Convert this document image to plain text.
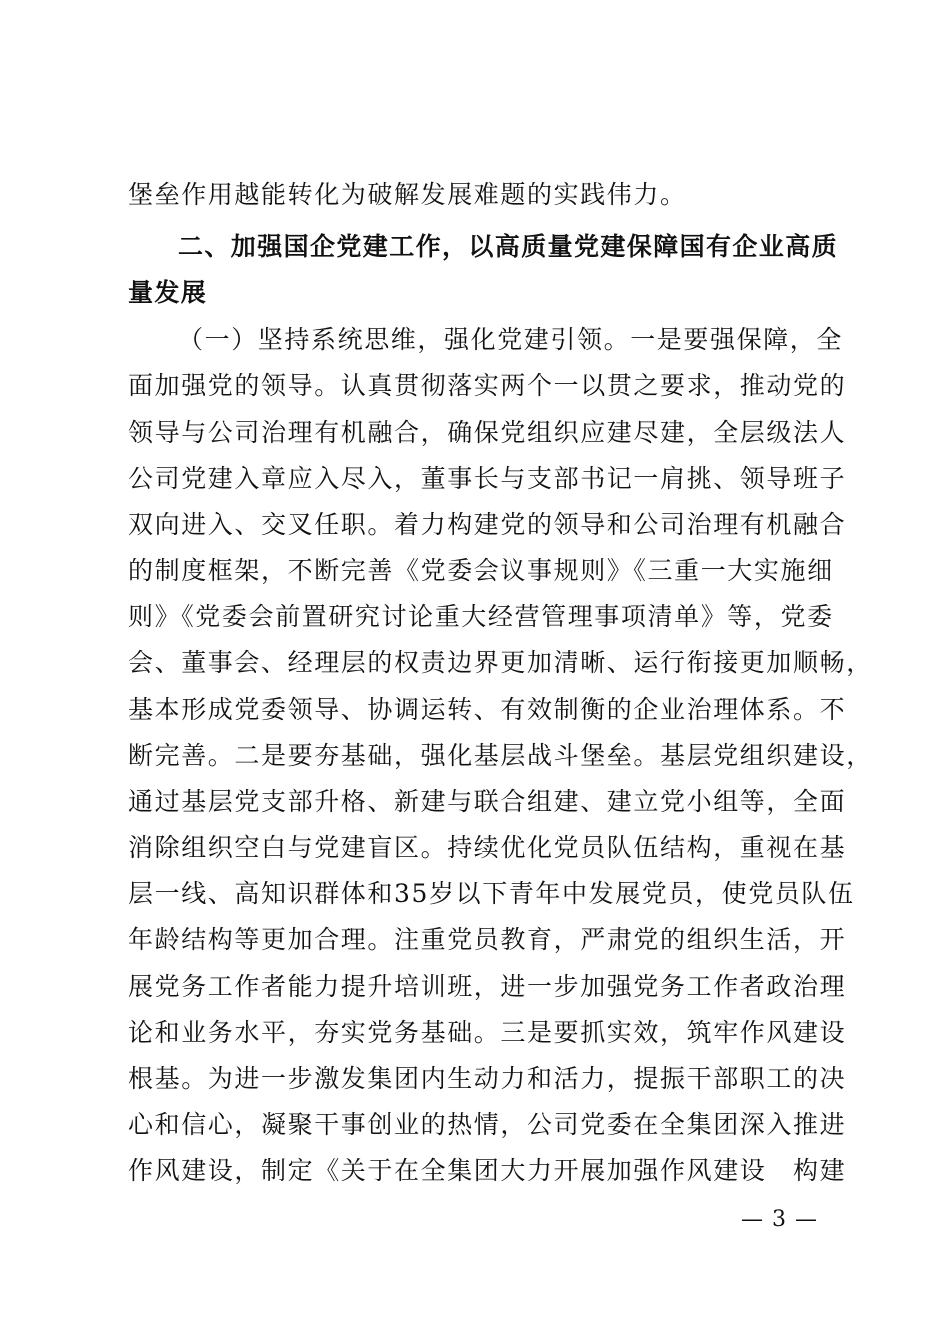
堡垒作用越能转化为破解发展难题的实践伟力。
二、加强国企党建工作，以高质量党建保障国有企业高质
量发展
（一）坚持系统思维，强化党建引领。一是要强保障，全
面加强党的领导。认真贯彻落实两个一以贯之要求，推动党的
领导与公司治理有机融合，确保党组织应建尽建，全层级法人
公司党建入章应入尽入，董事长与支部书记一肩挑、领导班子
双向进入、交叉任职。着力构建党的领导和公司治理有机融合
的制度框架，不断完善《党委会议事规则》《三重一大实施细
则》《党委会前置研究讨论重大经营管理事项清单》等，党委
会、董事会、经理层的权责边界更加清晰、运行衔接更加顺畅，
基本形成党委领导、协调运转、有效制衡的企业治理体系。不
断完善。二是要夯基础，强化基层战斗堡垒。基层党组织建设，
通过基层党支部升格、新建与联合组建、建立党小组等，全面
消除组织空白与党建盲区。持续优化党员队伍结构，重视在基
层一线、高知识群体和35岁以下青年中发展党员，使党员队伍
年龄结构等更加合理。注重党员教育，严肃党的组织生活，开
展党务工作者能力提升培训班，进一步加强党务工作者政治理
论和业务水平，夯实党务基础。三是要抓实效，筑牢作风建设
根基。为进一步激发集团内生动力和活力，提振干部职工的决
心和信心，凝聚干事创业的热情，公司党委在全集团深入推进
作风建设，制定《关于在全集团大力开展加强作风建设　构建
— 3 —
